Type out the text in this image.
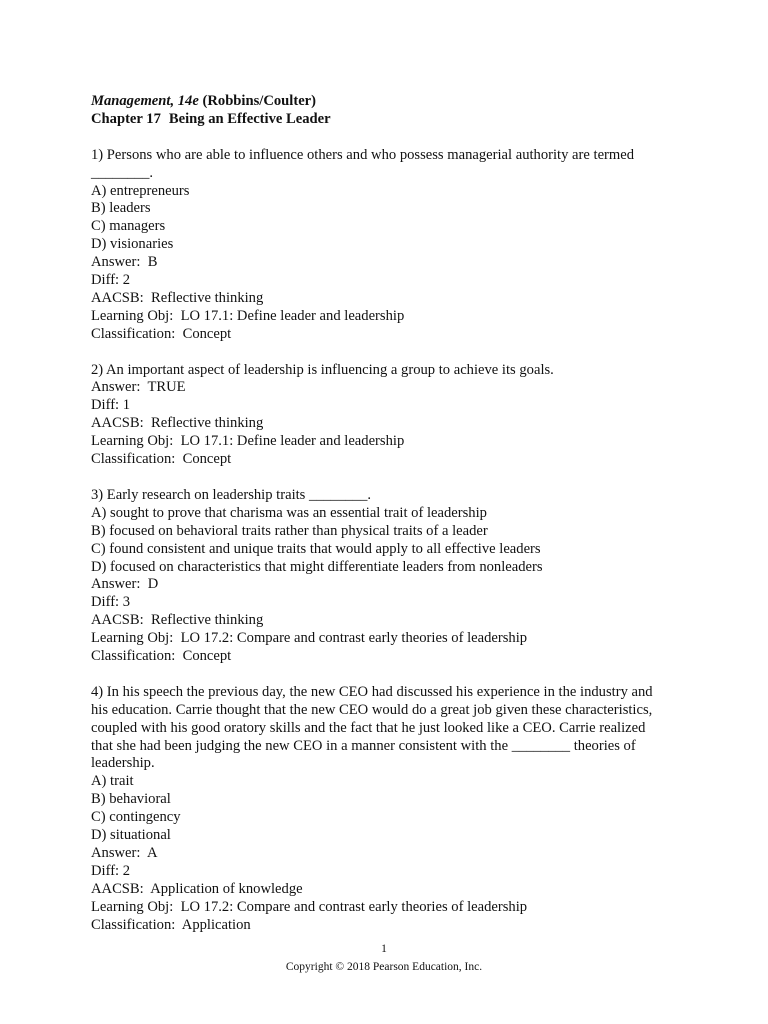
Management, 14e (Robbins/Coulter)

Chapter 17 Being an Effective Leader

1) Persons who are able to influence others and who possess managerial authority are termed

________.

A) entrepreneurs

B) leaders

C) managers

D) visionaries

Answer:  B

Diff: 2

AACSB:  Reflective thinking

Learning Obj:  LO 17.1: Define leader and leadership

Classification:  Concept

2) An important aspect of leadership is influencing a group to achieve its goals.

Answer:  TRUE

Diff: 1

AACSB:  Reflective thinking

Learning Obj:  LO 17.1: Define leader and leadership

Classification:  Concept

3) Early research on leadership traits ________.

A) sought to prove that charisma was an essential trait of leadership

B) focused on behavioral traits rather than physical traits of a leader

C) found consistent and unique traits that would apply to all effective leaders

D) focused on characteristics that might differentiate leaders from nonleaders

Answer:  D

Diff: 3

AACSB:  Reflective thinking

Learning Obj:  LO 17.2: Compare and contrast early theories of leadership

Classification:  Concept

4) In his speech the previous day, the new CEO had discussed his experience in the industry and

his education. Carrie thought that the new CEO would do a great job given these characteristics,

coupled with his good oratory skills and the fact that he just looked like a CEO. Carrie realized

that she had been judging the new CEO in a manner consistent with the ________ theories of

leadership.

A) trait

B) behavioral

C) contingency

D) situational

Answer:  A

Diff: 2

AACSB:  Application of knowledge

Learning Obj:  LO 17.2: Compare and contrast early theories of leadership

Classification:  Application

1
Copyright © 2018 Pearson Education, Inc.
